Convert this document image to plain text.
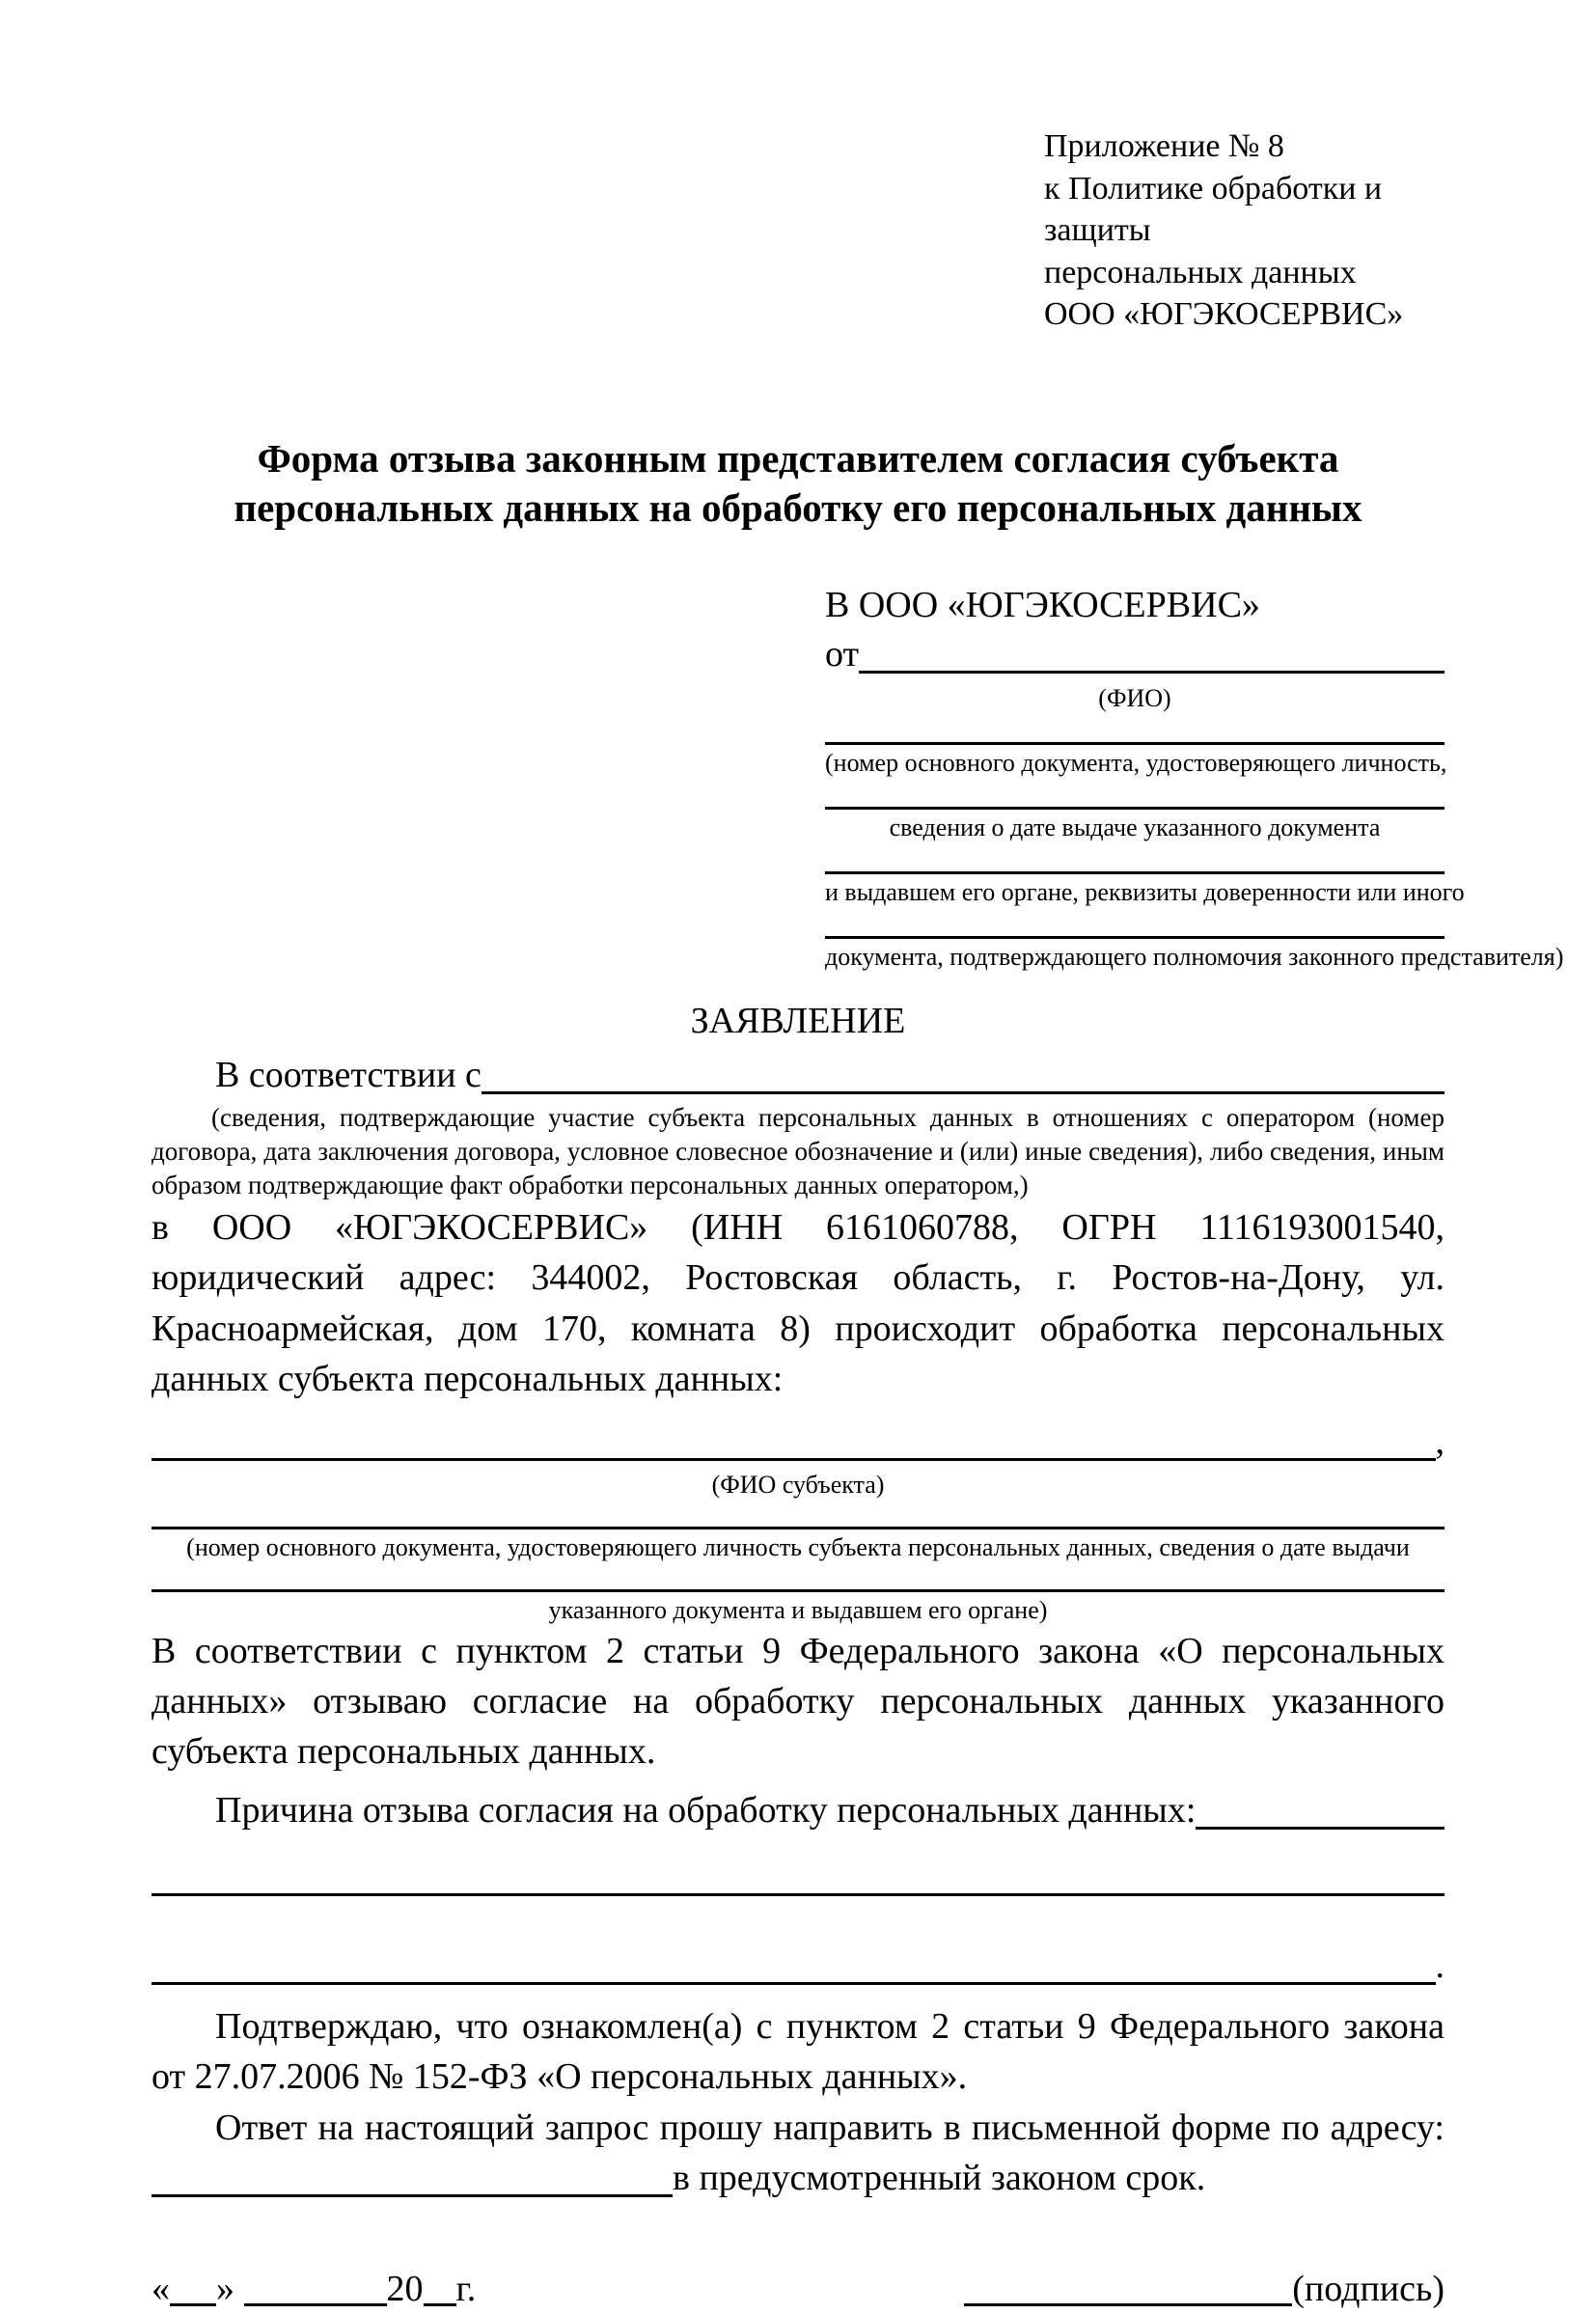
Приложение № 8
к Политике обработки и защиты
персональных данных
ООО «ЮГЭКОСЕРВИС»
Форма отзыва законным представителем согласия субъекта персональных данных на обработку его персональных данных
В ООО «ЮГЭКОСЕРВИС»
от
(ФИО)
(номер основного документа, удостоверяющего личность,
сведения о дате выдаче указанного документа
и выдавшем его органе, реквизиты доверенности или иного
документа, подтверждающего полномочия законного представителя)
ЗАЯВЛЕНИЕ
В соответствии с
(сведения, подтверждающие участие субъекта персональных данных в отношениях с оператором (номер договора, дата заключения договора, условное словесное обозначение и (или) иные сведения), либо сведения, иным образом подтверждающие факт обработки персональных данных оператором,)

в ООО «ЮГЭКОСЕРВИС» (ИНН 6161060788, ОГРН 1116193001540, юридический адрес: 344002, Ростовская область, г. Ростов-на-Дону, ул. Красноармейская, дом 170, комната 8) происходит обработка персональных данных субъекта персональных данных:

,
(ФИО субъекта)
(номер основного документа, удостоверяющего личность субъекта персональных данных, сведения о дате выдачи
указанного документа и выдавшем его органе)

В соответствии с пунктом 2 статьи 9 Федерального закона «О персональных данных» отзываю согласие на обработку персональных данных указанного субъекта персональных данных.

Причина отзыва согласия на обработку персональных данных:
.

Подтверждаю, что ознакомлен(а) с пунктом 2 статьи 9 Федерального закона от 27.07.2006 № 152-ФЗ «О персональных данных».

Ответ на настоящий запрос прошу направить в письменной форме по адресу:

в предусмотренный законом срок.
« »	20 г.	(подпись)
